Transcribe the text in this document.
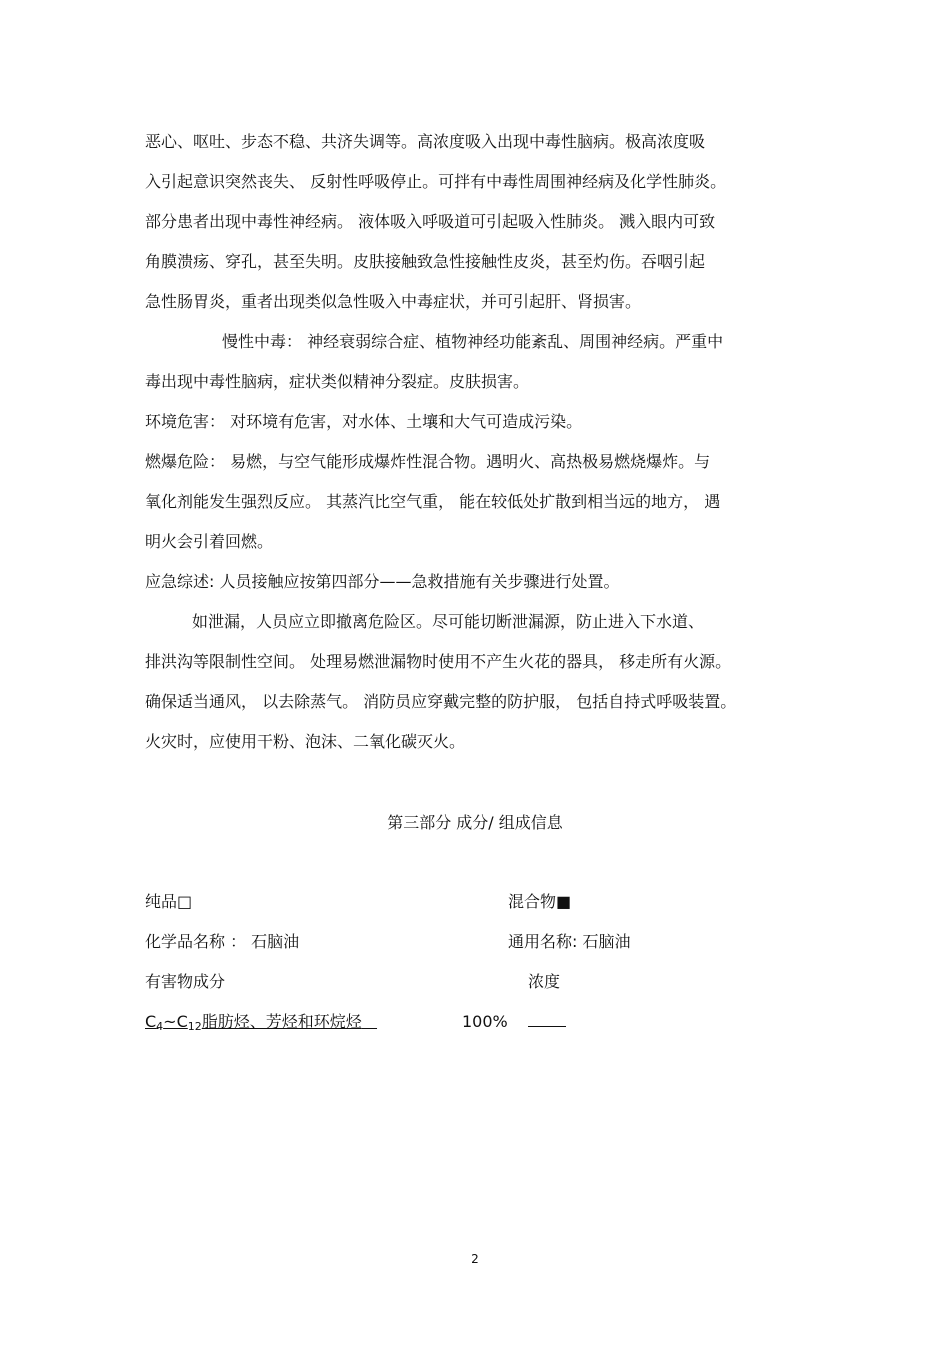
恶心、呕吐、步态不稳、共济失调等。高浓度吸入出现中毒性脑病。极高浓度吸
入引起意识突然丧失、 反射性呼吸停止。可拌有中毒性周围神经病及化学性肺炎。
部分患者出现中毒性神经病。 液体吸入呼吸道可引起吸入性肺炎。 溅入眼内可致
角膜溃疡、穿孔，甚至失明。皮肤接触致急性接触性皮炎，甚至灼伤。吞咽引起
急性肠胃炎，重者出现类似急性吸入中毒症状，并可引起肝、肾损害。
慢性中毒： 神经衰弱综合症、植物神经功能紊乱、周围神经病。严重中
毒出现中毒性脑病，症状类似精神分裂症。皮肤损害。
环境危害： 对环境有危害，对水体、土壤和大气可造成污染。
燃爆危险： 易燃，与空气能形成爆炸性混合物。遇明火、高热极易燃烧爆炸。与
氧化剂能发生强烈反应。 其蒸汽比空气重， 能在较低处扩散到相当远的地方， 遇
明火会引着回燃。
应急综述: 人员接触应按第四部分——急救措施有关步骤进行处置。
如泄漏，人员应立即撤离危险区。尽可能切断泄漏源，防止进入下水道、
排洪沟等限制性空间。 处理易燃泄漏物时使用不产生火花的器具， 移走所有火源。
确保适当通风， 以去除蒸气。 消防员应穿戴完整的防护服， 包括自持式呼吸装置。
火灾时，应使用干粉、泡沫、二氧化碳灭火。
第三部分 成分/ 组成信息
纯品□	混合物■
化学品名称 ： 石脑油	通用名称: 石脑油
有害物成分	浓度
$C_4\sim C_{12}$脂肪烃、芳烃和环烷烃	100%
2
